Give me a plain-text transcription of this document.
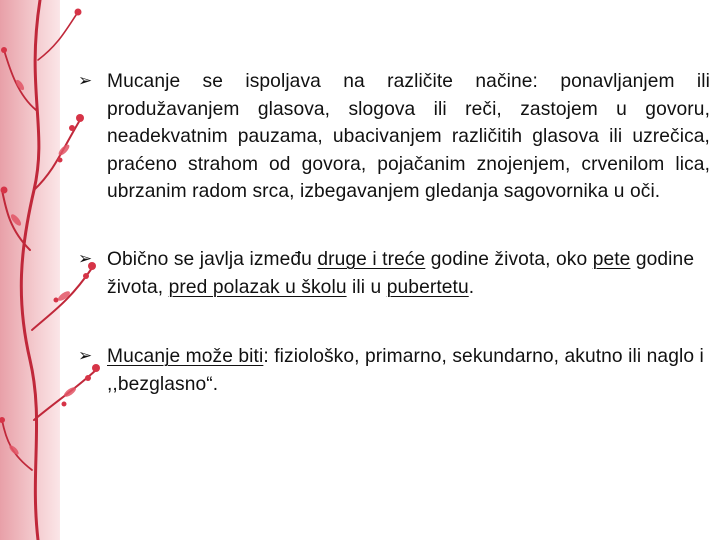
➢ Mucanje se ispoljava na različite načine: ponavljanjem ili produžavanjem glasova, slogova ili reči, zastojem u govoru, neadekvatnim pauzama, ubacivanjem različitih glasova ili uzrečica, praćeno strahom od govora, pojačanim znojenjem, crvenilom lica, ubrzanim radom srca, izbegavanjem gledanja sagovornika u oči.

➢ Obično se javlja između druge i treće godine života, oko pete godine života, pred polazak u školu ili u pubertetu.

➢ Mucanje može biti: fiziološko, primarno, sekundarno, akutno ili naglo i ,,bezglasno“.
